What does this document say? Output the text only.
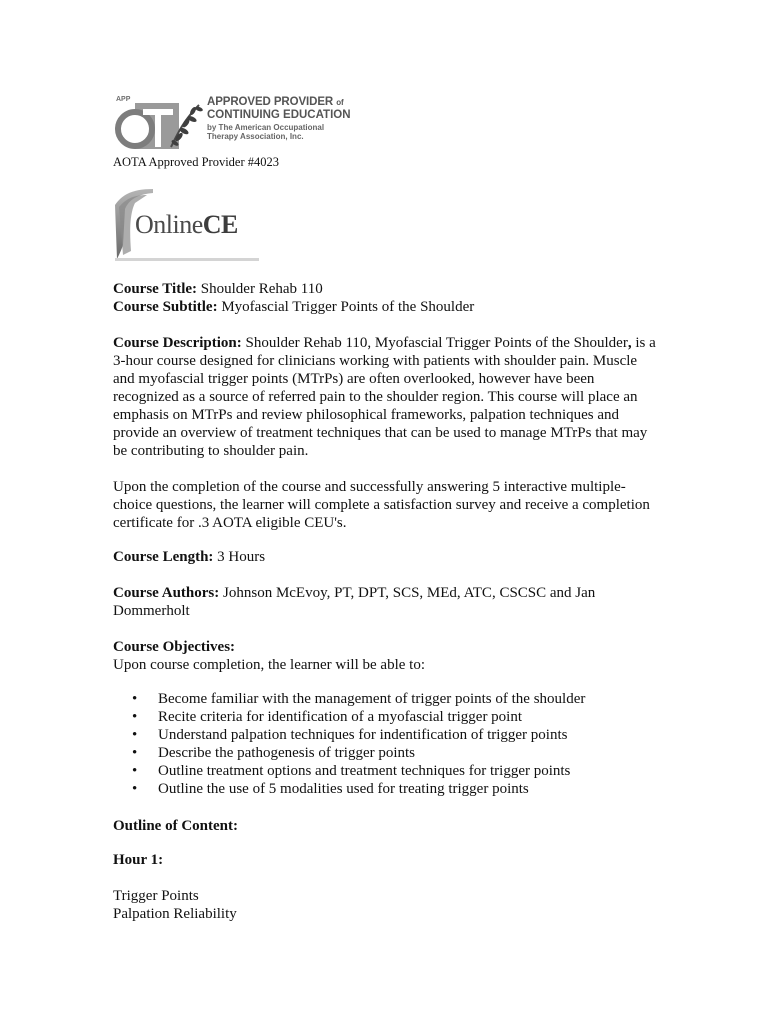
APP	APPROVED PROVIDER of
CONTINUING EDUCATION
by The American Occupational
Therapy Association, Inc.
AOTA Approved Provider #4023
OnlineCE

Course Title: Shoulder Rehab 110

Course Subtitle: Myofascial Trigger Points of the Shoulder

Course Description: Shoulder Rehab 110, Myofascial Trigger Points of the Shoulder, is a 3-hour course designed for clinicians working with patients with shoulder pain. Muscle and myofascial trigger points (MTrPs) are often overlooked, however have been recognized as a source of referred pain to the shoulder region. This course will place an emphasis on MTrPs and review philosophical frameworks, palpation techniques and provide an overview of treatment techniques that can be used to manage MTrPs that may be contributing to shoulder pain.

Upon the completion of the course and successfully answering 5 interactive multiple-choice questions, the learner will complete a satisfaction survey and receive a completion certificate for .3 AOTA eligible CEU's.

Course Length: 3 Hours

Course Authors: Johnson McEvoy, PT, DPT, SCS, MEd, ATC, CSCSC and Jan Dommerholt

Course Objectives:

Upon course completion, the learner will be able to:

• Become familiar with the management of trigger points of the shoulder
• Recite criteria for identification of a myofascial trigger point
• Understand palpation techniques for indentification of trigger points
• Describe the pathogenesis of trigger points
• Outline treatment options and treatment techniques for trigger points
• Outline the use of 5 modalities used for treating trigger points

Outline of Content:

Hour 1:

Trigger Points

Palpation Reliability
